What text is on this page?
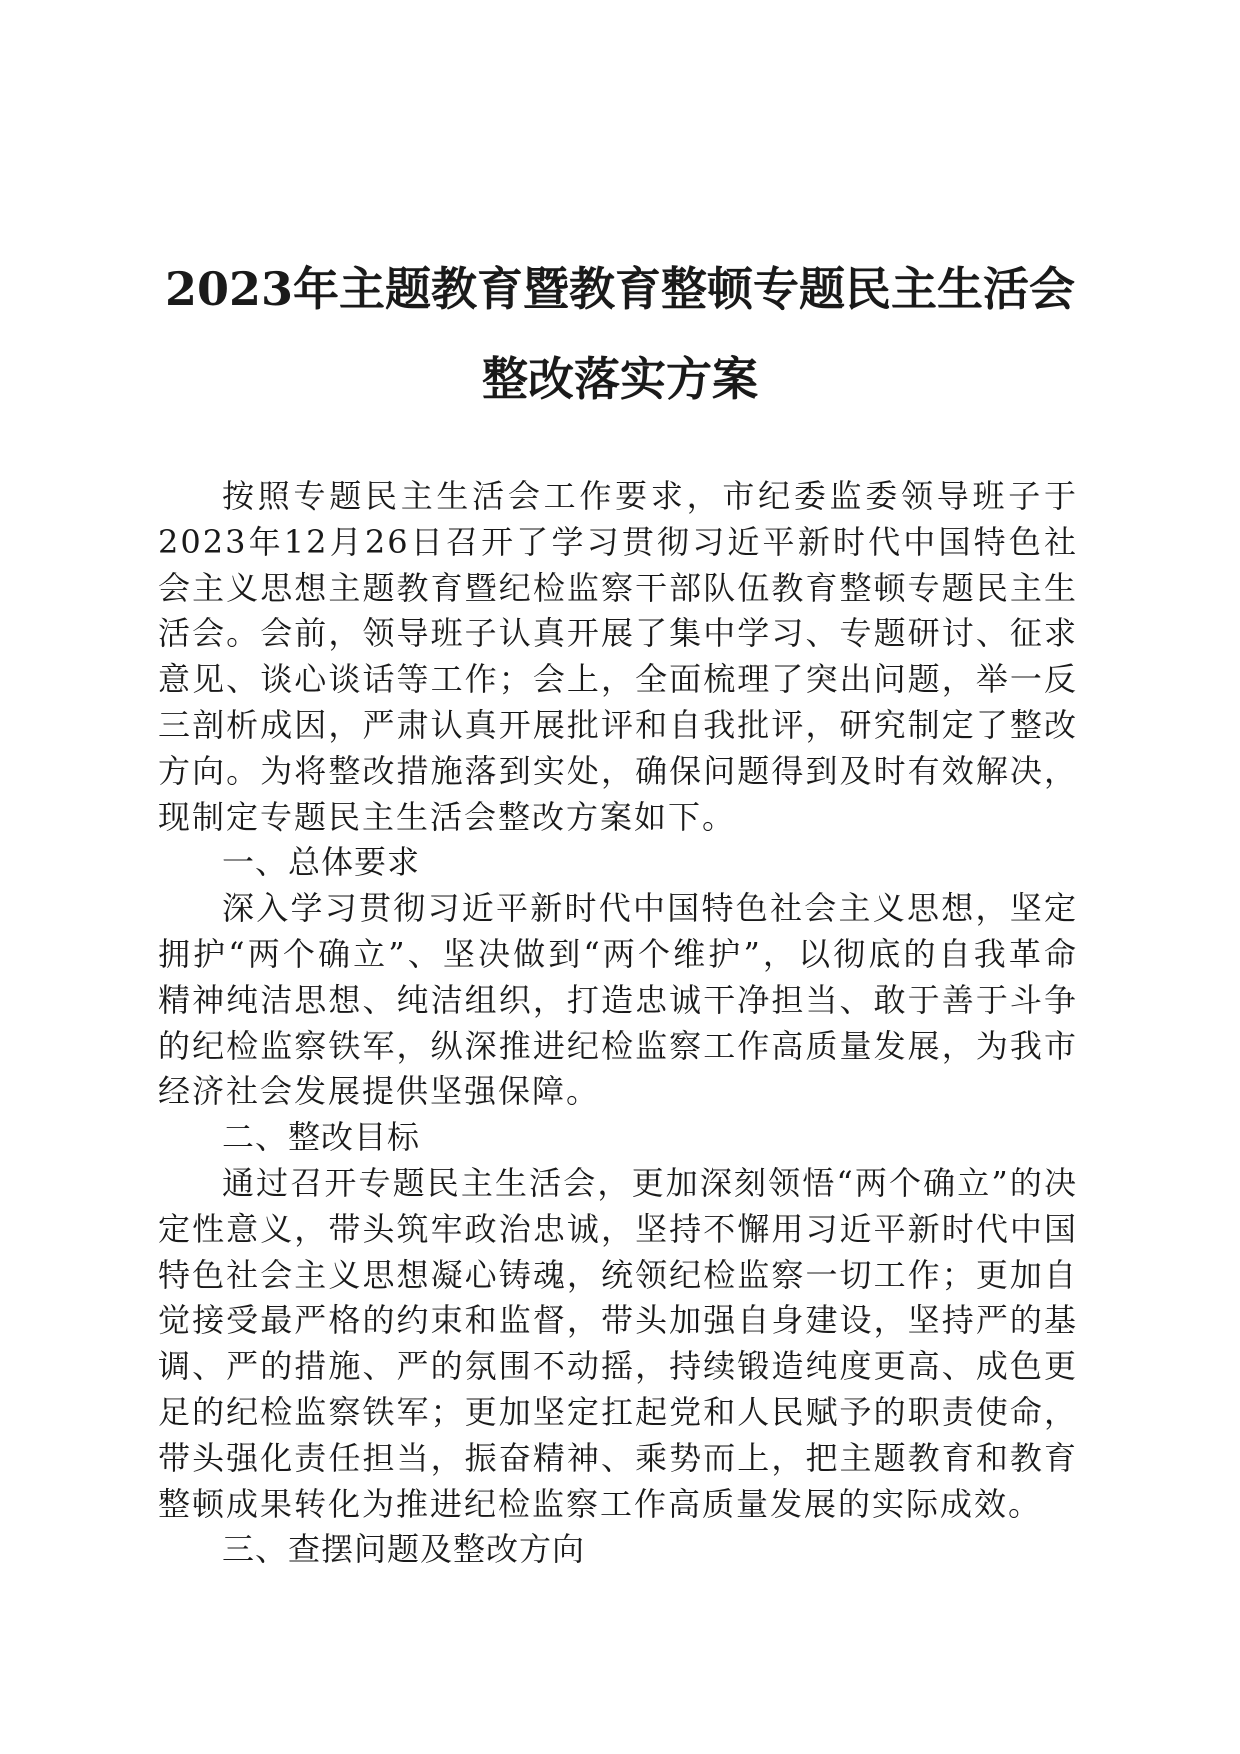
2023年主题教育暨教育整顿专题民主生活会
整改落实方案

按照专题民主生活会工作要求，市纪委监委领导班子于2023年12月26日召开了学习贯彻习近平新时代中国特色社会主义思想主题教育暨纪检监察干部队伍教育整顿专题民主生活会。会前，领导班子认真开展了集中学习、专题研讨、征求意见、谈心谈话等工作；会上，全面梳理了突出问题，举一反三剖析成因，严肃认真开展批评和自我批评，研究制定了整改方向。为将整改措施落到实处，确保问题得到及时有效解决，现制定专题民主生活会整改方案如下。

一、总体要求

深入学习贯彻习近平新时代中国特色社会主义思想，坚定拥护“两个确立”、坚决做到“两个维护”，以彻底的自我革命精神纯洁思想、纯洁组织，打造忠诚干净担当、敢于善于斗争的纪检监察铁军，纵深推进纪检监察工作高质量发展，为我市经济社会发展提供坚强保障。

二、整改目标

通过召开专题民主生活会，更加深刻领悟“两个确立”的决定性意义，带头筑牢政治忠诚，坚持不懈用习近平新时代中国特色社会主义思想凝心铸魂，统领纪检监察一切工作；更加自觉接受最严格的约束和监督，带头加强自身建设，坚持严的基调、严的措施、严的氛围不动摇，持续锻造纯度更高、成色更足的纪检监察铁军；更加坚定扛起党和人民赋予的职责使命，带头强化责任担当，振奋精神、乘势而上，把主题教育和教育整顿成果转化为推进纪检监察工作高质量发展的实际成效。

三、查摆问题及整改方向
